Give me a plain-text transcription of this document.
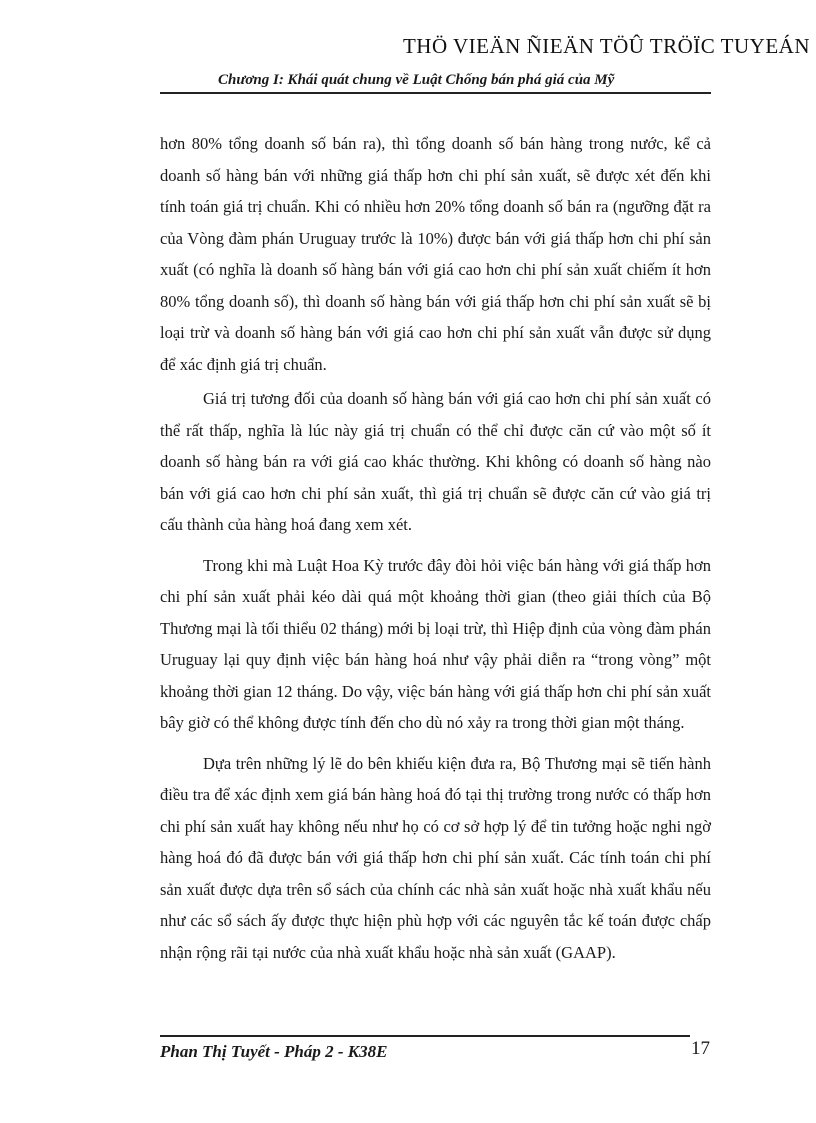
THÖ VIEÄN ÑIEÄN TÖÛ TRÖÏC TUYEÁN
Chương I: Khái quát chung về Luật Chống bán phá giá của Mỹ

hơn 80% tổng doanh số bán ra), thì tổng doanh số bán hàng trong nước, kể cả doanh số hàng bán với những giá thấp hơn chi phí sản xuất, sẽ được xét đến khi tính toán giá trị chuẩn. Khi có nhiều hơn 20% tổng doanh số bán ra (ngưỡng đặt ra của Vòng đàm phán Uruguay trước là 10%) được bán với giá thấp hơn chi phí sản xuất (có nghĩa là doanh số hàng bán với giá cao hơn chi phí sản xuất chiếm ít hơn 80% tổng doanh số), thì doanh số hàng bán với giá thấp hơn chi phí sản xuất sẽ bị loại trừ và doanh số hàng bán với giá cao hơn chi phí sản xuất vẫn được sử dụng để xác định giá trị chuẩn.

Giá trị tương đối của doanh số hàng bán với giá cao hơn chi phí sản xuất có thể rất thấp, nghĩa là lúc này giá trị chuẩn có thể chỉ được căn cứ vào một số ít doanh số hàng bán ra với giá cao khác thường. Khi không có doanh số hàng nào bán với giá cao hơn chi phí sản xuất, thì giá trị chuẩn sẽ được căn cứ vào giá trị cấu thành của hàng hoá đang xem xét.

Trong khi mà Luật Hoa Kỳ trước đây đòi hỏi việc bán hàng với giá thấp hơn chi phí sản xuất phải kéo dài quá một khoảng thời gian (theo giải thích của Bộ Thương mại là tối thiểu 02 tháng) mới bị loại trừ, thì Hiệp định của vòng đàm phán Uruguay lại quy định việc bán hàng hoá như vậy phải diễn ra “trong vòng” một khoảng thời gian 12 tháng. Do vậy, việc bán hàng với giá thấp hơn chi phí sản xuất bây giờ có thể không được tính đến cho dù nó xảy ra trong thời gian một tháng.

Dựa trên những lý lẽ do bên khiếu kiện đưa ra, Bộ Thương mại sẽ tiến hành điều tra để xác định xem giá bán hàng hoá đó tại thị trường trong nước có thấp hơn chi phí sản xuất hay không nếu như họ có cơ sở hợp lý để tin tưởng hoặc nghi ngờ hàng hoá đó đã được bán với giá thấp hơn chi phí sản xuất. Các tính toán chi phí sản xuất được dựa trên sổ sách của chính các nhà sản xuất hoặc nhà xuất khẩu nếu như các sổ sách ấy được thực hiện phù hợp với các nguyên tắc kế toán được chấp nhận rộng rãi tại nước của nhà xuất khẩu hoặc nhà sản xuất (GAAP).

Phan Thị Tuyết - Pháp 2 - K38E	17
